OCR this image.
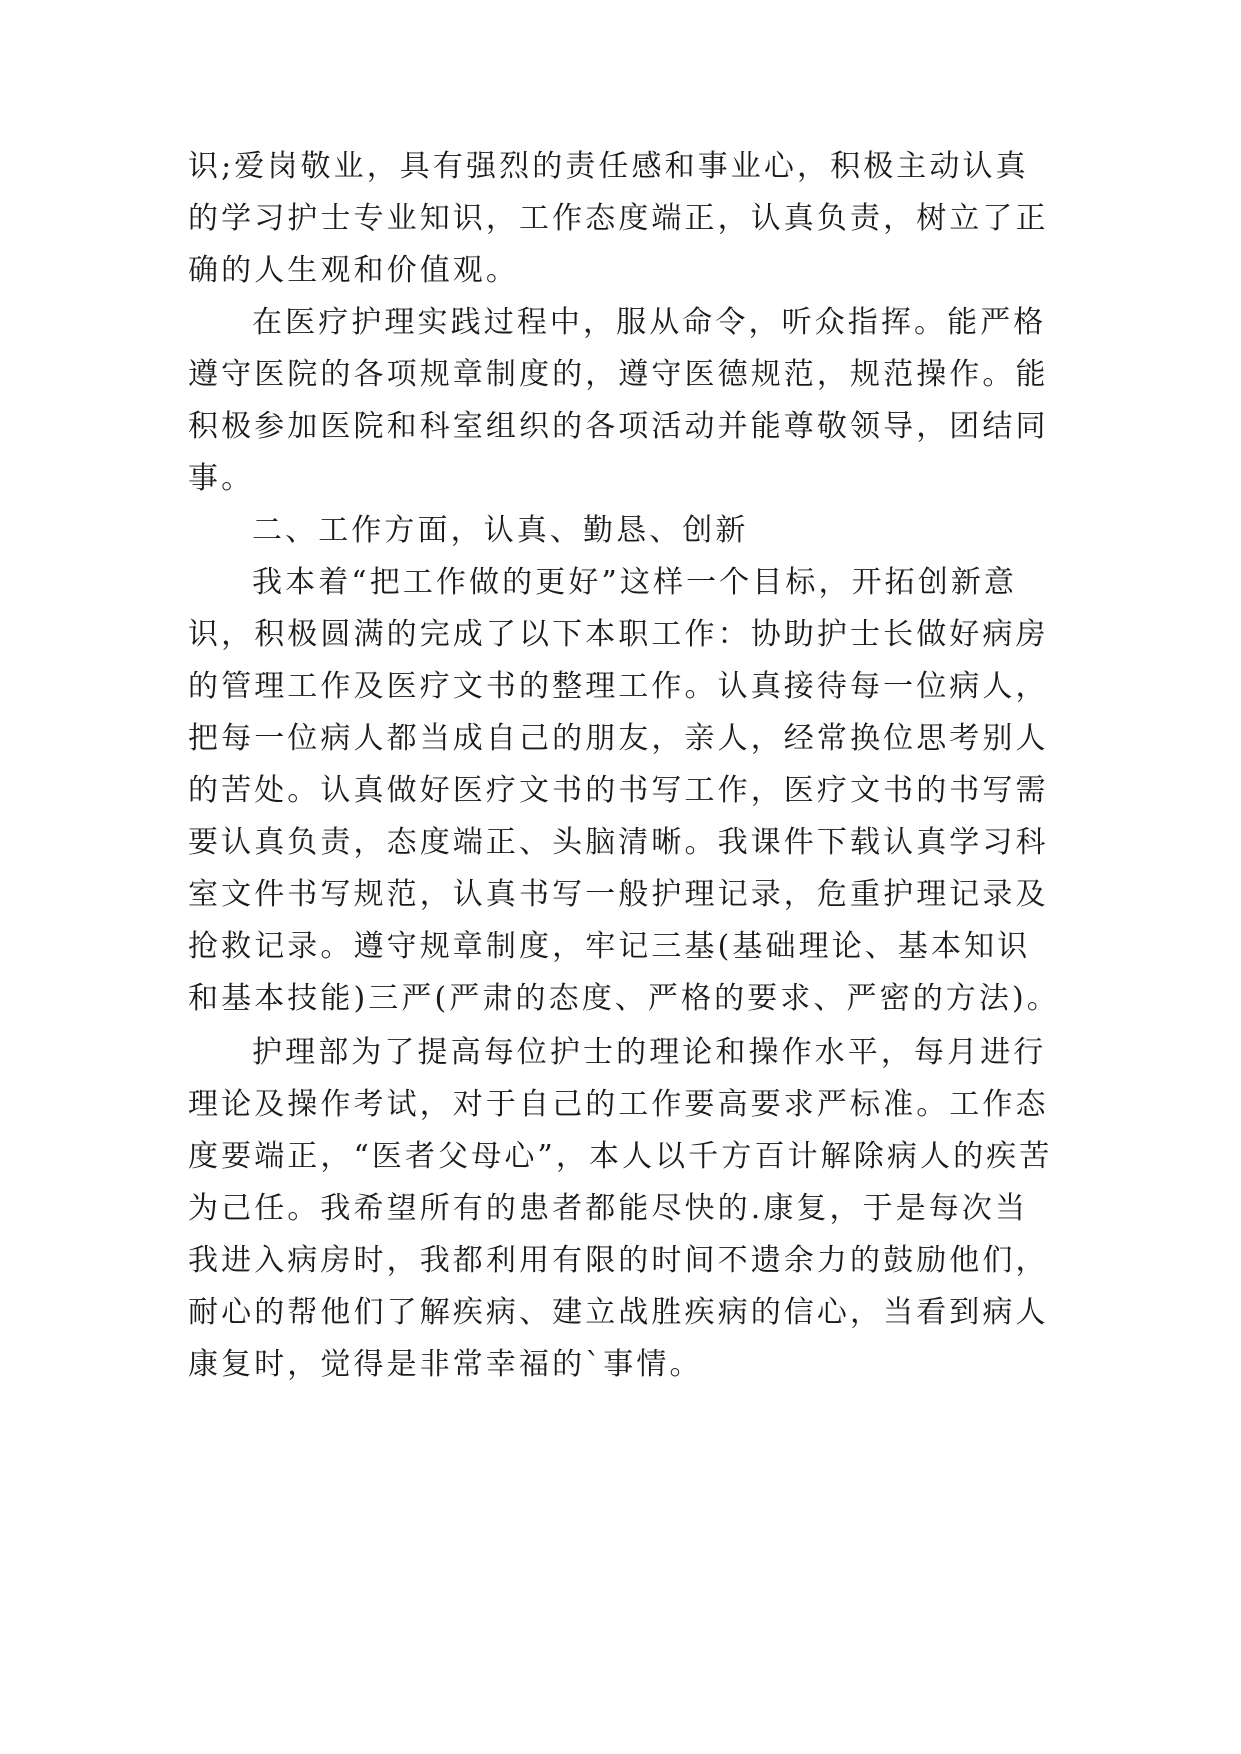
识;爱岗敬业，具有强烈的责任感和事业心，积极主动认真
的学习护士专业知识，工作态度端正，认真负责，树立了正
确的人生观和价值观。
在医疗护理实践过程中，服从命令，听众指挥。能严格
遵守医院的各项规章制度的，遵守医德规范，规范操作。能
积极参加医院和科室组织的各项活动并能尊敬领导，团结同
事。
二、工作方面，认真、勤恳、创新
我本着“把工作做的更好”这样一个目标，开拓创新意
识，积极圆满的完成了以下本职工作：协助护士长做好病房
的管理工作及医疗文书的整理工作。认真接待每一位病人，
把每一位病人都当成自己的朋友，亲人，经常换位思考别人
的苦处。认真做好医疗文书的书写工作，医疗文书的书写需
要认真负责，态度端正、头脑清晰。我课件下载认真学习科
室文件书写规范，认真书写一般护理记录，危重护理记录及
抢救记录。遵守规章制度，牢记三基(基础理论、基本知识
和基本技能)三严(严肃的态度、严格的要求、严密的方法)。
护理部为了提高每位护士的理论和操作水平，每月进行
理论及操作考试，对于自己的工作要高要求严标准。工作态
度要端正，“医者父母心”，本人以千方百计解除病人的疾苦
为己任。我希望所有的患者都能尽快的.康复，于是每次当
我进入病房时，我都利用有限的时间不遗余力的鼓励他们，
耐心的帮他们了解疾病、建立战胜疾病的信心，当看到病人
康复时，觉得是非常幸福的`事情。
